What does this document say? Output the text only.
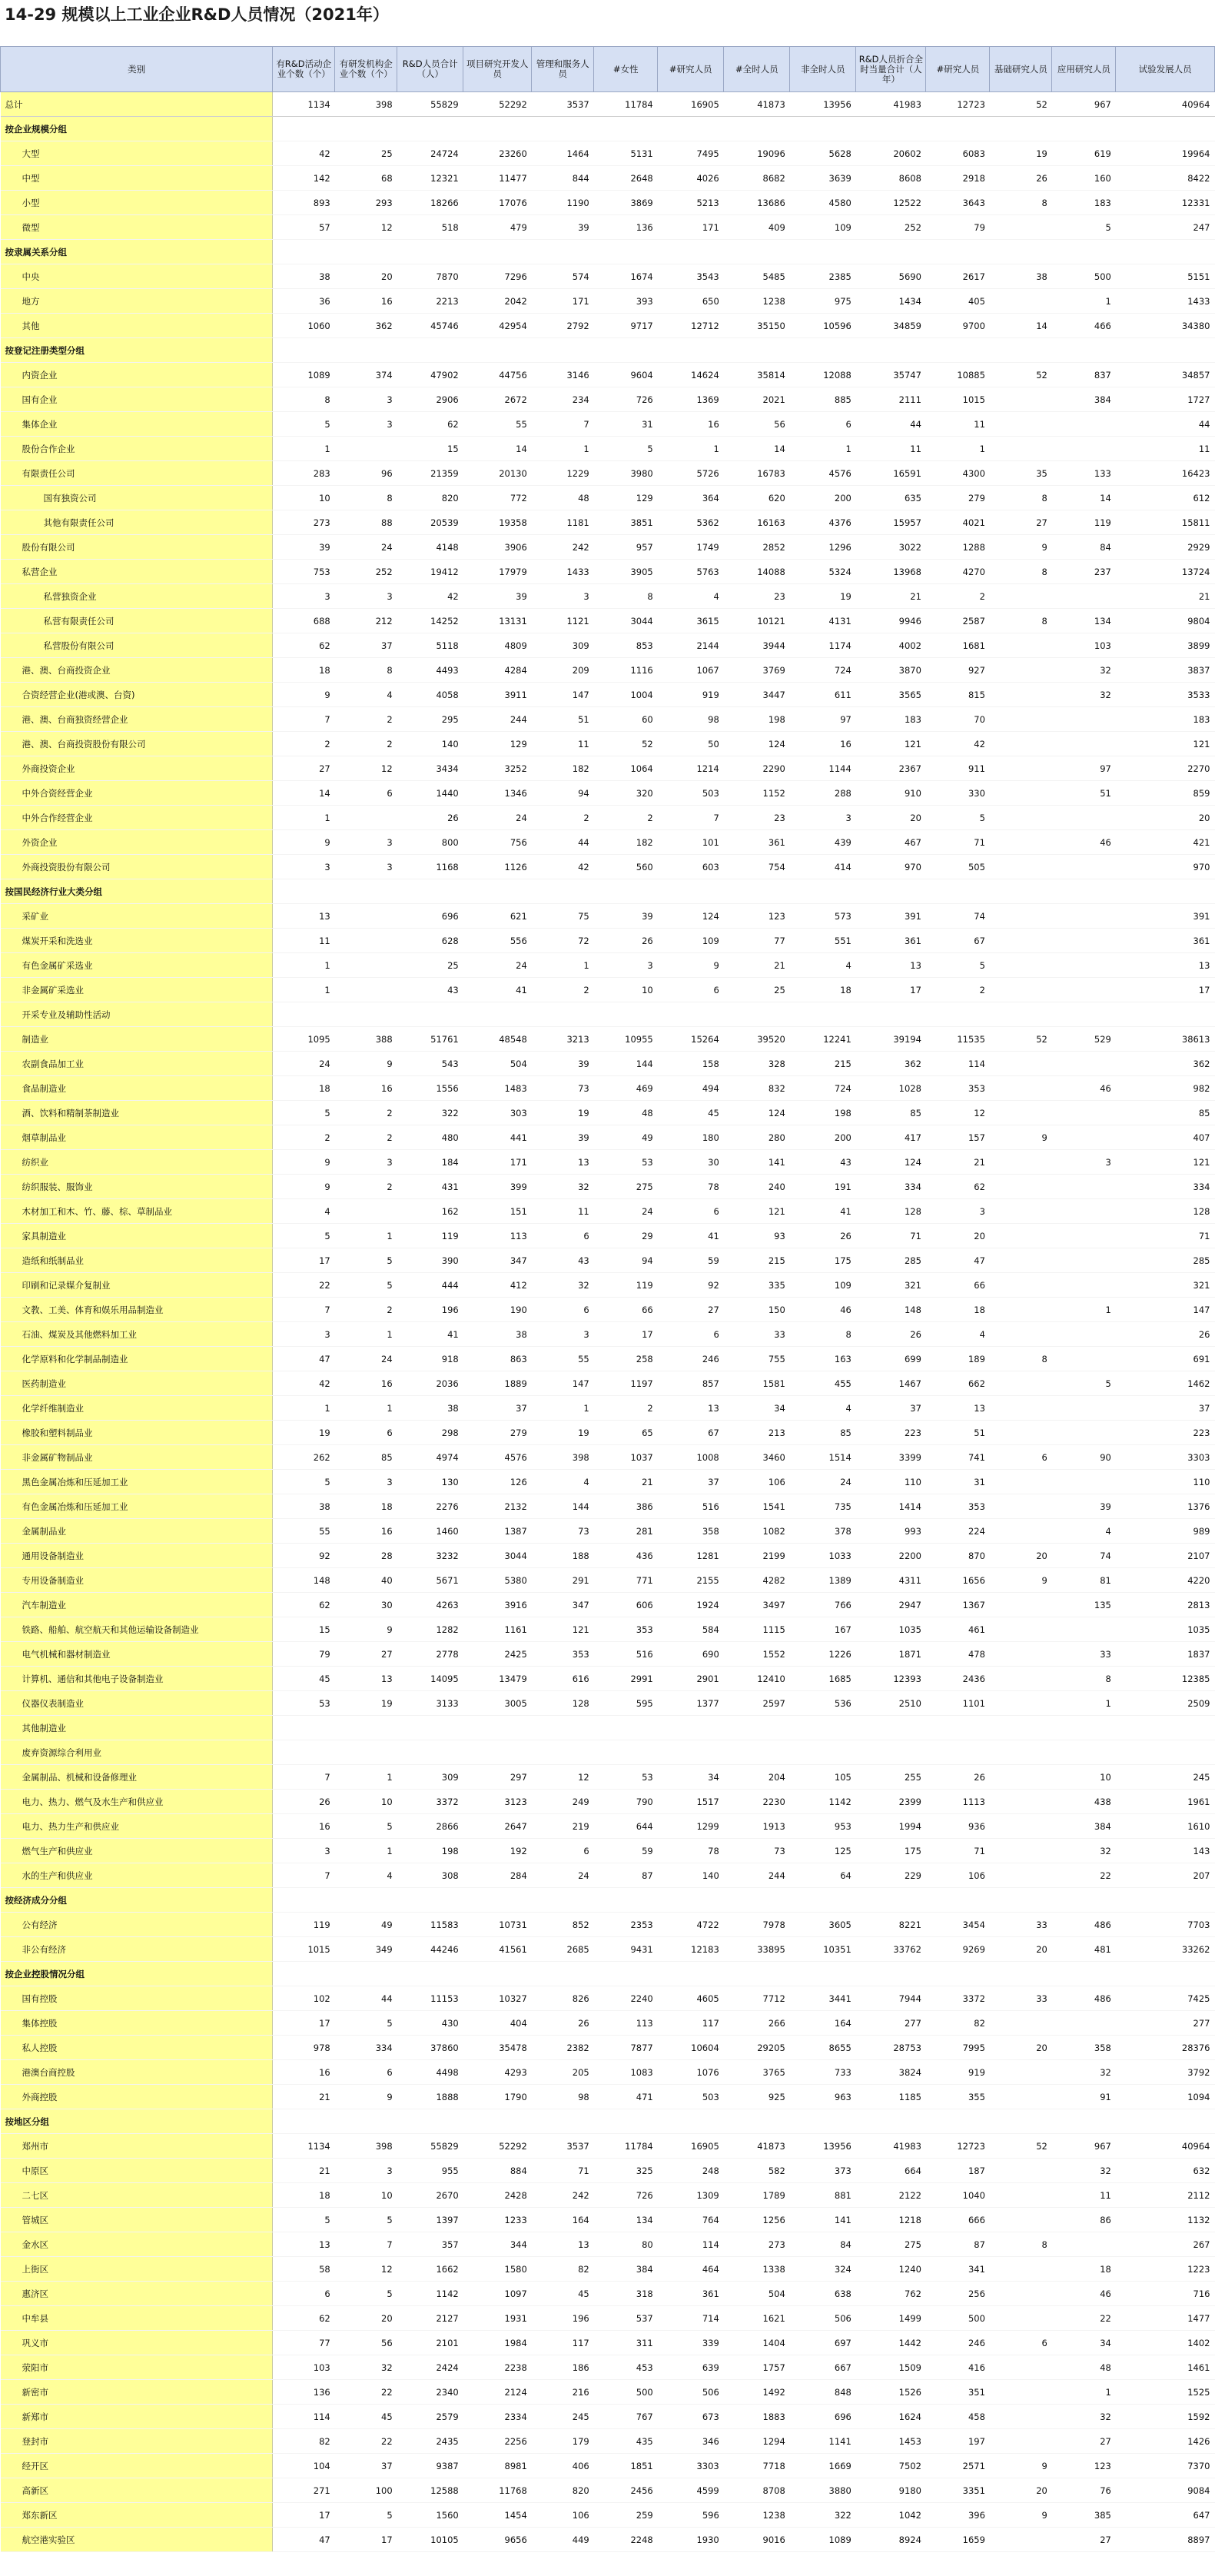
14-29 规模以上工业企业R&D人员情况（2021年）
类别	有R&D活动企业个数（个）	有研发机构企业个数（个）	R&D人员合计（人）	项目研究开发人员	管理和服务人员	#女性	#研究人员	#全时人员	非全时人员	R&D人员折合全时当量合计（人年）	#研究人员	基础研究人员	应用研究人员	试验发展人员
总计	1134	398	55829	52292	3537	11784	16905	41873	13956	41983	12723	52	967	40964
按企业规模分组														
大型	42	25	24724	23260	1464	5131	7495	19096	5628	20602	6083	19	619	19964
中型	142	68	12321	11477	844	2648	4026	8682	3639	8608	2918	26	160	8422
小型	893	293	18266	17076	1190	3869	5213	13686	4580	12522	3643	8	183	12331
微型	57	12	518	479	39	136	171	409	109	252	79		5	247
按隶属关系分组														
中央	38	20	7870	7296	574	1674	3543	5485	2385	5690	2617	38	500	5151
地方	36	16	2213	2042	171	393	650	1238	975	1434	405		1	1433
其他	1060	362	45746	42954	2792	9717	12712	35150	10596	34859	9700	14	466	34380
按登记注册类型分组														
内资企业	1089	374	47902	44756	3146	9604	14624	35814	12088	35747	10885	52	837	34857
国有企业	8	3	2906	2672	234	726	1369	2021	885	2111	1015		384	1727
集体企业	5	3	62	55	7	31	16	56	6	44	11			44
股份合作企业	1		15	14	1	5	1	14	1	11	1			11
有限责任公司	283	96	21359	20130	1229	3980	5726	16783	4576	16591	4300	35	133	16423
国有独资公司	10	8	820	772	48	129	364	620	200	635	279	8	14	612
其他有限责任公司	273	88	20539	19358	1181	3851	5362	16163	4376	15957	4021	27	119	15811
股份有限公司	39	24	4148	3906	242	957	1749	2852	1296	3022	1288	9	84	2929
私营企业	753	252	19412	17979	1433	3905	5763	14088	5324	13968	4270	8	237	13724
私营独资企业	3	3	42	39	3	8	4	23	19	21	2			21
私营有限责任公司	688	212	14252	13131	1121	3044	3615	10121	4131	9946	2587	8	134	9804
私营股份有限公司	62	37	5118	4809	309	853	2144	3944	1174	4002	1681		103	3899
港、澳、台商投资企业	18	8	4493	4284	209	1116	1067	3769	724	3870	927		32	3837
合资经营企业(港或澳、台资)	9	4	4058	3911	147	1004	919	3447	611	3565	815		32	3533
港、澳、台商独资经营企业	7	2	295	244	51	60	98	198	97	183	70			183
港、澳、台商投资股份有限公司	2	2	140	129	11	52	50	124	16	121	42			121
外商投资企业	27	12	3434	3252	182	1064	1214	2290	1144	2367	911		97	2270
中外合资经营企业	14	6	1440	1346	94	320	503	1152	288	910	330		51	859
中外合作经营企业	1		26	24	2	2	7	23	3	20	5			20
外资企业	9	3	800	756	44	182	101	361	439	467	71		46	421
外商投资股份有限公司	3	3	1168	1126	42	560	603	754	414	970	505			970
按国民经济行业大类分组														
采矿业	13		696	621	75	39	124	123	573	391	74			391
煤炭开采和洗选业	11		628	556	72	26	109	77	551	361	67			361
有色金属矿采选业	1		25	24	1	3	9	21	4	13	5			13
非金属矿采选业	1		43	41	2	10	6	25	18	17	2			17
开采专业及辅助性活动														
制造业	1095	388	51761	48548	3213	10955	15264	39520	12241	39194	11535	52	529	38613
农副食品加工业	24	9	543	504	39	144	158	328	215	362	114			362
食品制造业	18	16	1556	1483	73	469	494	832	724	1028	353		46	982
酒、饮料和精制茶制造业	5	2	322	303	19	48	45	124	198	85	12			85
烟草制品业	2	2	480	441	39	49	180	280	200	417	157	9		407
纺织业	9	3	184	171	13	53	30	141	43	124	21		3	121
纺织服装、服饰业	9	2	431	399	32	275	78	240	191	334	62			334
木材加工和木、竹、藤、棕、草制品业	4		162	151	11	24	6	121	41	128	3			128
家具制造业	5	1	119	113	6	29	41	93	26	71	20			71
造纸和纸制品业	17	5	390	347	43	94	59	215	175	285	47			285
印刷和记录媒介复制业	22	5	444	412	32	119	92	335	109	321	66			321
文教、工美、体育和娱乐用品制造业	7	2	196	190	6	66	27	150	46	148	18		1	147
石油、煤炭及其他燃料加工业	3	1	41	38	3	17	6	33	8	26	4			26
化学原料和化学制品制造业	47	24	918	863	55	258	246	755	163	699	189	8		691
医药制造业	42	16	2036	1889	147	1197	857	1581	455	1467	662		5	1462
化学纤维制造业	1	1	38	37	1	2	13	34	4	37	13			37
橡胶和塑料制品业	19	6	298	279	19	65	67	213	85	223	51			223
非金属矿物制品业	262	85	4974	4576	398	1037	1008	3460	1514	3399	741	6	90	3303
黑色金属冶炼和压延加工业	5	3	130	126	4	21	37	106	24	110	31			110
有色金属冶炼和压延加工业	38	18	2276	2132	144	386	516	1541	735	1414	353		39	1376
金属制品业	55	16	1460	1387	73	281	358	1082	378	993	224		4	989
通用设备制造业	92	28	3232	3044	188	436	1281	2199	1033	2200	870	20	74	2107
专用设备制造业	148	40	5671	5380	291	771	2155	4282	1389	4311	1656	9	81	4220
汽车制造业	62	30	4263	3916	347	606	1924	3497	766	2947	1367		135	2813
铁路、船舶、航空航天和其他运输设备制造业	15	9	1282	1161	121	353	584	1115	167	1035	461			1035
电气机械和器材制造业	79	27	2778	2425	353	516	690	1552	1226	1871	478		33	1837
计算机、通信和其他电子设备制造业	45	13	14095	13479	616	2991	2901	12410	1685	12393	2436		8	12385
仪器仪表制造业	53	19	3133	3005	128	595	1377	2597	536	2510	1101		1	2509
其他制造业														
废弃资源综合利用业														
金属制品、机械和设备修理业	7	1	309	297	12	53	34	204	105	255	26		10	245
电力、热力、燃气及水生产和供应业	26	10	3372	3123	249	790	1517	2230	1142	2399	1113		438	1961
电力、热力生产和供应业	16	5	2866	2647	219	644	1299	1913	953	1994	936		384	1610
燃气生产和供应业	3	1	198	192	6	59	78	73	125	175	71		32	143
水的生产和供应业	7	4	308	284	24	87	140	244	64	229	106		22	207
按经济成分分组														
公有经济	119	49	11583	10731	852	2353	4722	7978	3605	8221	3454	33	486	7703
非公有经济	1015	349	44246	41561	2685	9431	12183	33895	10351	33762	9269	20	481	33262
按企业控股情况分组														
国有控股	102	44	11153	10327	826	2240	4605	7712	3441	7944	3372	33	486	7425
集体控股	17	5	430	404	26	113	117	266	164	277	82			277
私人控股	978	334	37860	35478	2382	7877	10604	29205	8655	28753	7995	20	358	28376
港澳台商控股	16	6	4498	4293	205	1083	1076	3765	733	3824	919		32	3792
外商控股	21	9	1888	1790	98	471	503	925	963	1185	355		91	1094
按地区分组														
郑州市	1134	398	55829	52292	3537	11784	16905	41873	13956	41983	12723	52	967	40964
中原区	21	3	955	884	71	325	248	582	373	664	187		32	632
二七区	18	10	2670	2428	242	726	1309	1789	881	2122	1040		11	2112
管城区	5	5	1397	1233	164	134	764	1256	141	1218	666		86	1132
金水区	13	7	357	344	13	80	114	273	84	275	87	8		267
上街区	58	12	1662	1580	82	384	464	1338	324	1240	341		18	1223
惠济区	6	5	1142	1097	45	318	361	504	638	762	256		46	716
中牟县	62	20	2127	1931	196	537	714	1621	506	1499	500		22	1477
巩义市	77	56	2101	1984	117	311	339	1404	697	1442	246	6	34	1402
荥阳市	103	32	2424	2238	186	453	639	1757	667	1509	416		48	1461
新密市	136	22	2340	2124	216	500	506	1492	848	1526	351		1	1525
新郑市	114	45	2579	2334	245	767	673	1883	696	1624	458		32	1592
登封市	82	22	2435	2256	179	435	346	1294	1141	1453	197		27	1426
经开区	104	37	9387	8981	406	1851	3303	7718	1669	7502	2571	9	123	7370
高新区	271	100	12588	11768	820	2456	4599	8708	3880	9180	3351	20	76	9084
郑东新区	17	5	1560	1454	106	259	596	1238	322	1042	396	9	385	647
航空港实验区	47	17	10105	9656	449	2248	1930	9016	1089	8924	1659		27	8897
